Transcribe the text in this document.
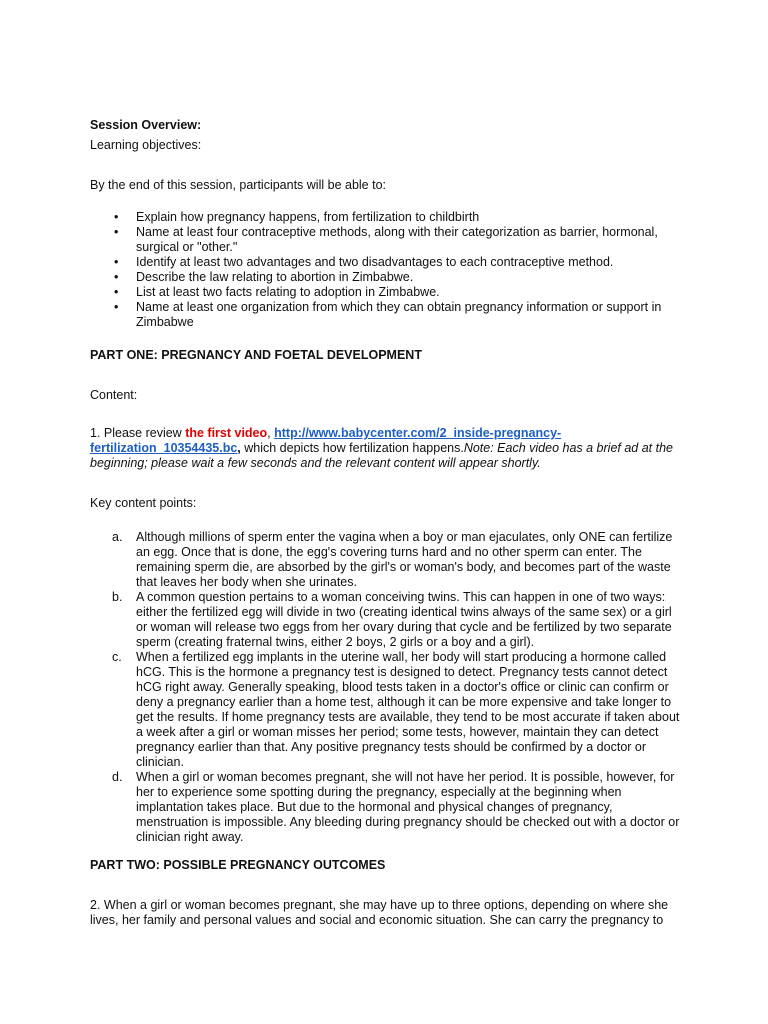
Session Overview:
Learning objectives:
By the end of this session, participants will be able to:
• Explain how pregnancy happens, from fertilization to childbirth
• Name at least four contraceptive methods, along with their categorization as barrier, hormonal, surgical or "other."
• Identify at least two advantages and two disadvantages to each contraceptive method.
• Describe the law relating to abortion in Zimbabwe.
• List at least two facts relating to adoption in Zimbabwe.
• Name at least one organization from which they can obtain pregnancy information or support in Zimbabwe
PART ONE: PREGNANCY AND FOETAL DEVELOPMENT
Content:
1. Please review the first video, http://www.babycenter.com/2_inside-pregnancy-fertilization_10354435.bc, which depicts how fertilization happens.Note: Each video has a brief ad at the beginning; please wait a few seconds and the relevant content will appear shortly.
Key content points:
a. Although millions of sperm enter the vagina when a boy or man ejaculates, only ONE can fertilize an egg. Once that is done, the egg's covering turns hard and no other sperm can enter. The remaining sperm die, are absorbed by the girl's or woman's body, and becomes part of the waste that leaves her body when she urinates.
b. A common question pertains to a woman conceiving twins. This can happen in one of two ways: either the fertilized egg will divide in two (creating identical twins always of the same sex) or a girl or woman will release two eggs from her ovary during that cycle and be fertilized by two separate sperm (creating fraternal twins, either 2 boys, 2 girls or a boy and a girl).
c. When a fertilized egg implants in the uterine wall, her body will start producing a hormone called hCG. This is the hormone a pregnancy test is designed to detect. Pregnancy tests cannot detect hCG right away. Generally speaking, blood tests taken in a doctor's office or clinic can confirm or deny a pregnancy earlier than a home test, although it can be more expensive and take longer to get the results. If home pregnancy tests are available, they tend to be most accurate if taken about a week after a girl or woman misses her period; some tests, however, maintain they can detect pregnancy earlier than that. Any positive pregnancy tests should be confirmed by a doctor or clinician.
d. When a girl or woman becomes pregnant, she will not have her period. It is possible, however, for her to experience some spotting during the pregnancy, especially at the beginning when implantation takes place. But due to the hormonal and physical changes of pregnancy, menstruation is impossible. Any bleeding during pregnancy should be checked out with a doctor or clinician right away.
PART TWO: POSSIBLE PREGNANCY OUTCOMES
2. When a girl or woman becomes pregnant, she may have up to three options, depending on where she lives, her family and personal values and social and economic situation. She can carry the pregnancy to
